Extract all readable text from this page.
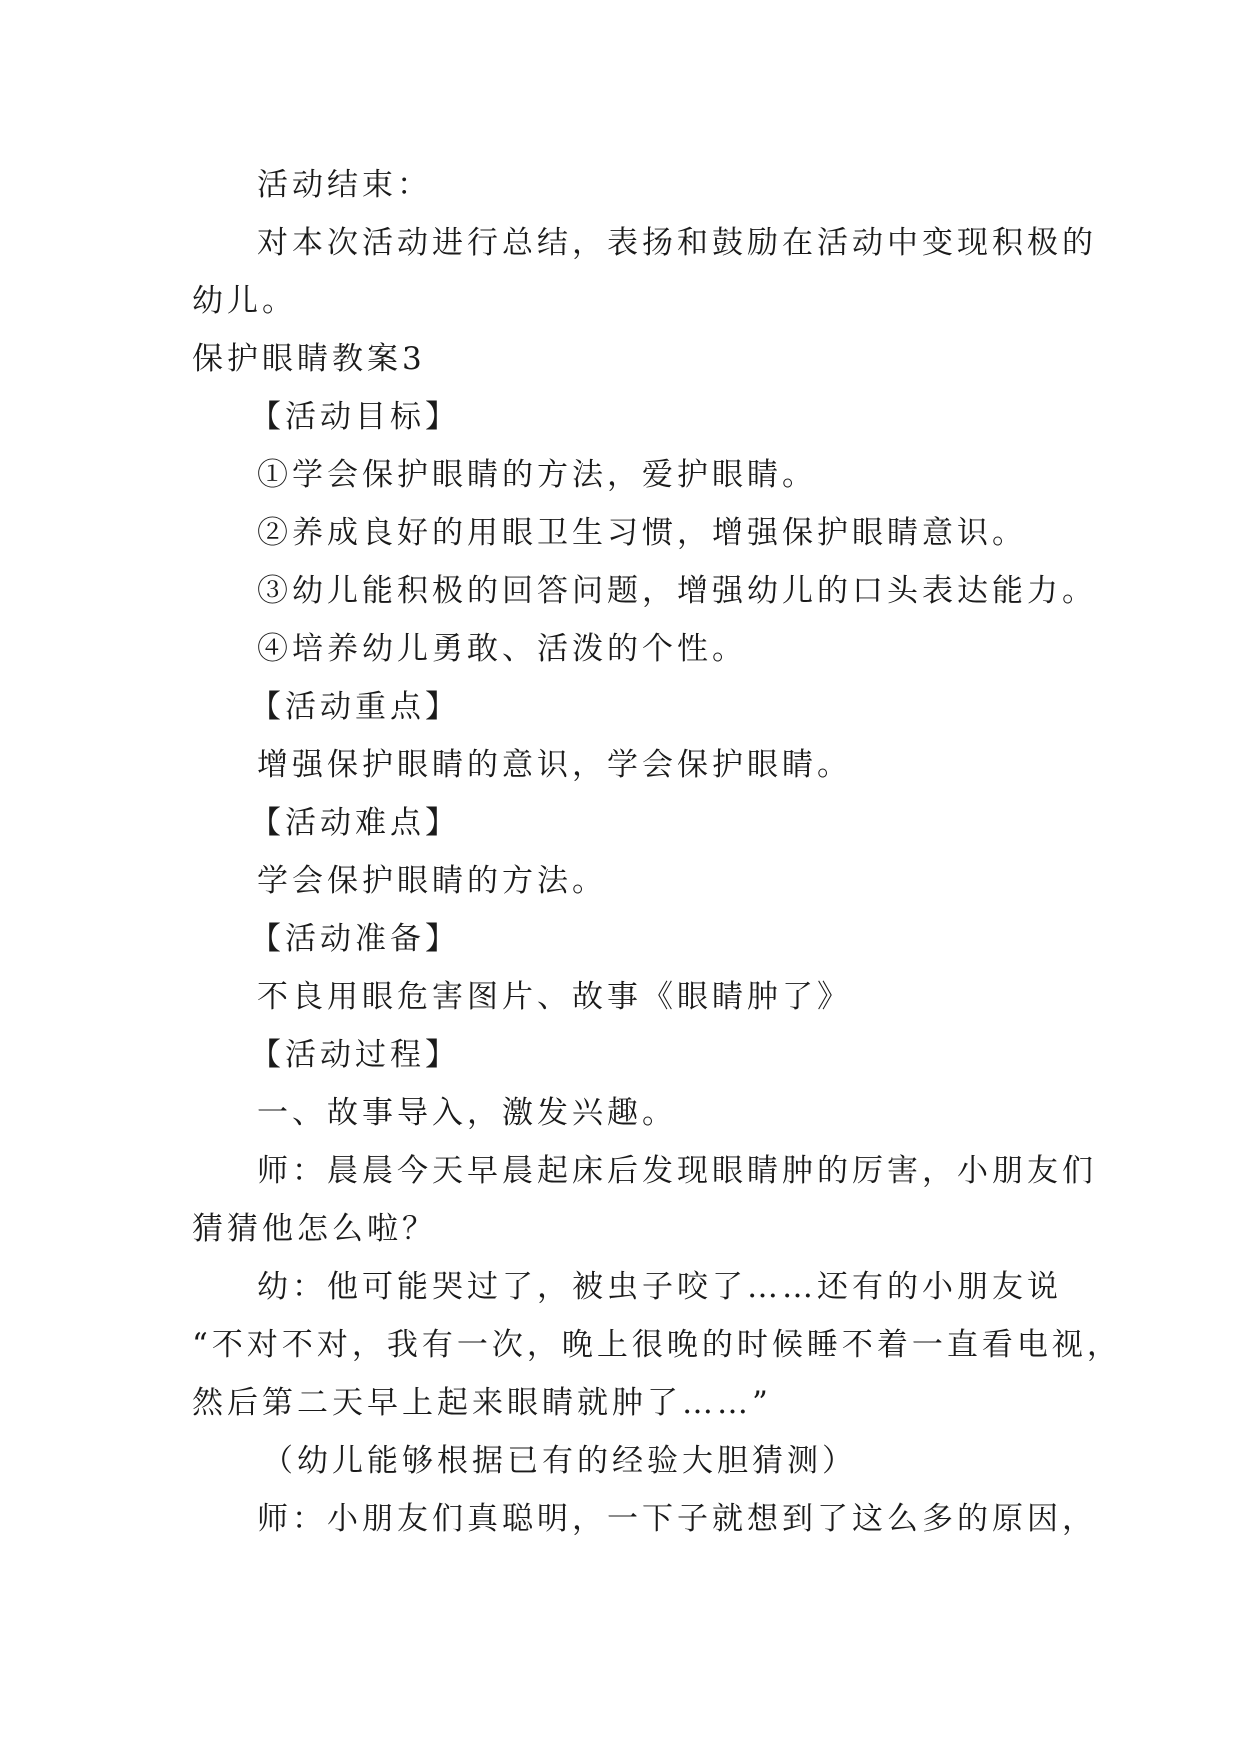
活动结束：
对本次活动进行总结，表扬和鼓励在活动中变现积极的
幼儿。
保护眼睛教案3
【活动目标】
①学会保护眼睛的方法，爱护眼睛。
②养成良好的用眼卫生习惯，增强保护眼睛意识。
③幼儿能积极的回答问题，增强幼儿的口头表达能力。
④培养幼儿勇敢、活泼的个性。
【活动重点】
增强保护眼睛的意识，学会保护眼睛。
【活动难点】
学会保护眼睛的方法。
【活动准备】
不良用眼危害图片、故事《眼睛肿了》
【活动过程】
一、故事导入，激发兴趣。
师：晨晨今天早晨起床后发现眼睛肿的厉害，小朋友们
猜猜他怎么啦？
幼：他可能哭过了，被虫子咬了……还有的小朋友说
“不对不对，我有一次，晚上很晚的时候睡不着一直看电视，
然后第二天早上起来眼睛就肿了……”
（幼儿能够根据已有的经验大胆猜测）
师：小朋友们真聪明，一下子就想到了这么多的原因，
